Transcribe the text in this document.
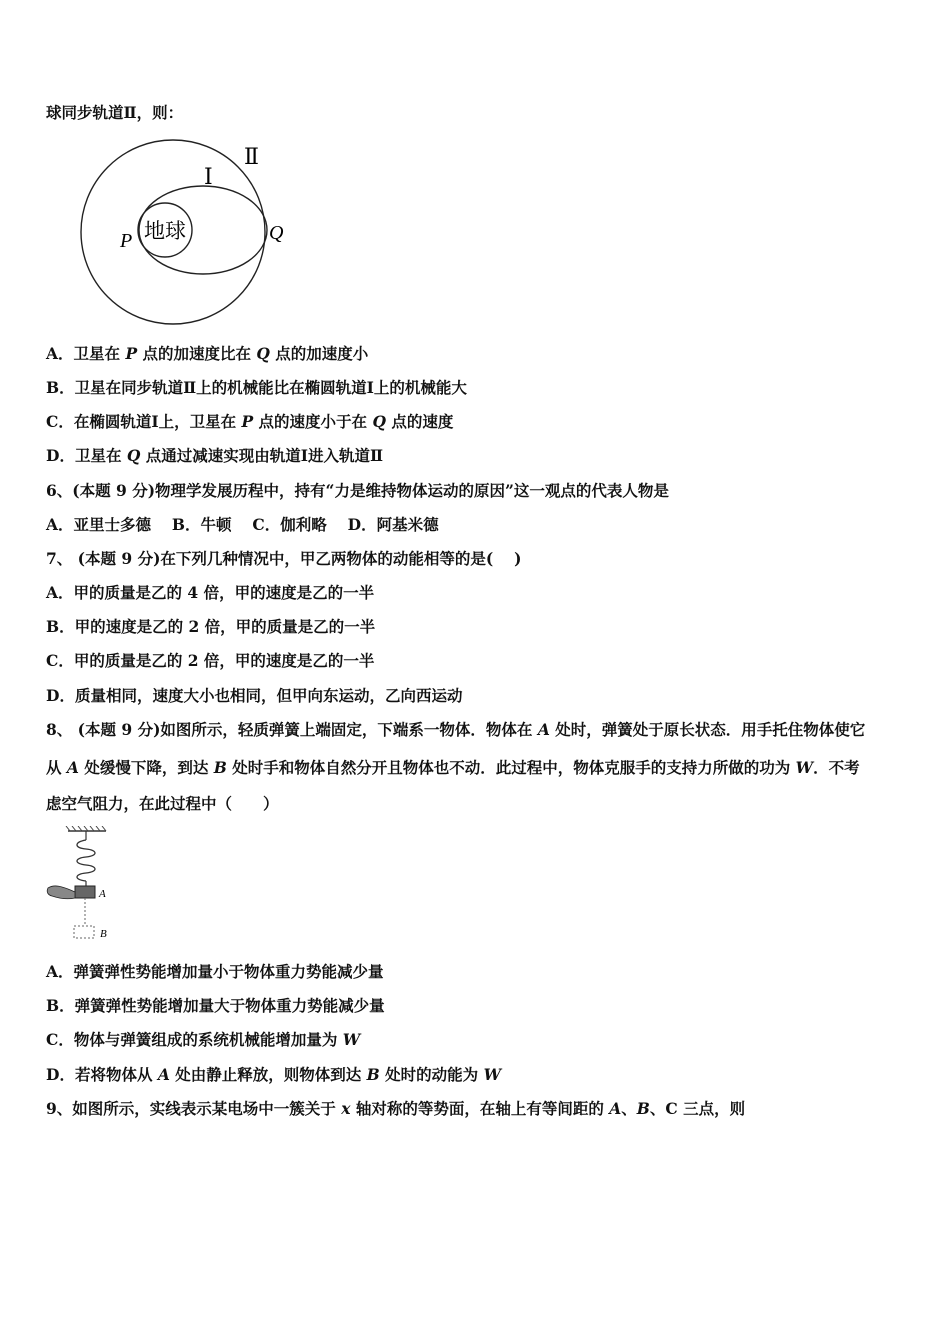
球同步轨道Ⅱ，则：
Ⅱ
Ⅰ
地球
P	Q
A．卫星在 P 点的加速度比在 Q 点的加速度小
B．卫星在同步轨道Ⅱ上的机械能比在椭圆轨道Ⅰ上的机械能大
C．在椭圆轨道Ⅰ上，卫星在 P 点的速度小于在 Q 点的速度
D．卫星在 Q 点通过减速实现由轨道Ⅰ进入轨道Ⅱ
6、(本题 9 分)物理学发展历程中，持有“力是维持物体运动的原因”这一观点的代表人物是
A．亚里士多德　 B．牛顿　 C．伽利略　 D．阿基米德
7、 (本题 9 分)在下列几种情况中，甲乙两物体的动能相等的是(　 )
A．甲的质量是乙的 4 倍，甲的速度是乙的一半
B．甲的速度是乙的 2 倍，甲的质量是乙的一半
C．甲的质量是乙的 2 倍，甲的速度是乙的一半
D．质量相同，速度大小也相同，但甲向东运动，乙向西运动
8、 (本题 9 分)如图所示，轻质弹簧上端固定，下端系一物体．物体在 A 处时，弹簧处于原长状态．用手托住物体使它
从 A 处缓慢下降，到达 B 处时手和物体自然分开且物体也不动．此过程中，物体克服手的支持力所做的功为 W．不考
虑空气阻力，在此过程中（　　）
A
B
A．弹簧弹性势能增加量小于物体重力势能减少量
B．弹簧弹性势能增加量大于物体重力势能减少量
C．物体与弹簧组成的系统机械能增加量为 W
D．若将物体从 A 处由静止释放，则物体到达 B 处时的动能为 W
9、如图所示，实线表示某电场中一簇关于 x 轴对称的等势面，在轴上有等间距的 A、B、C 三点，则
